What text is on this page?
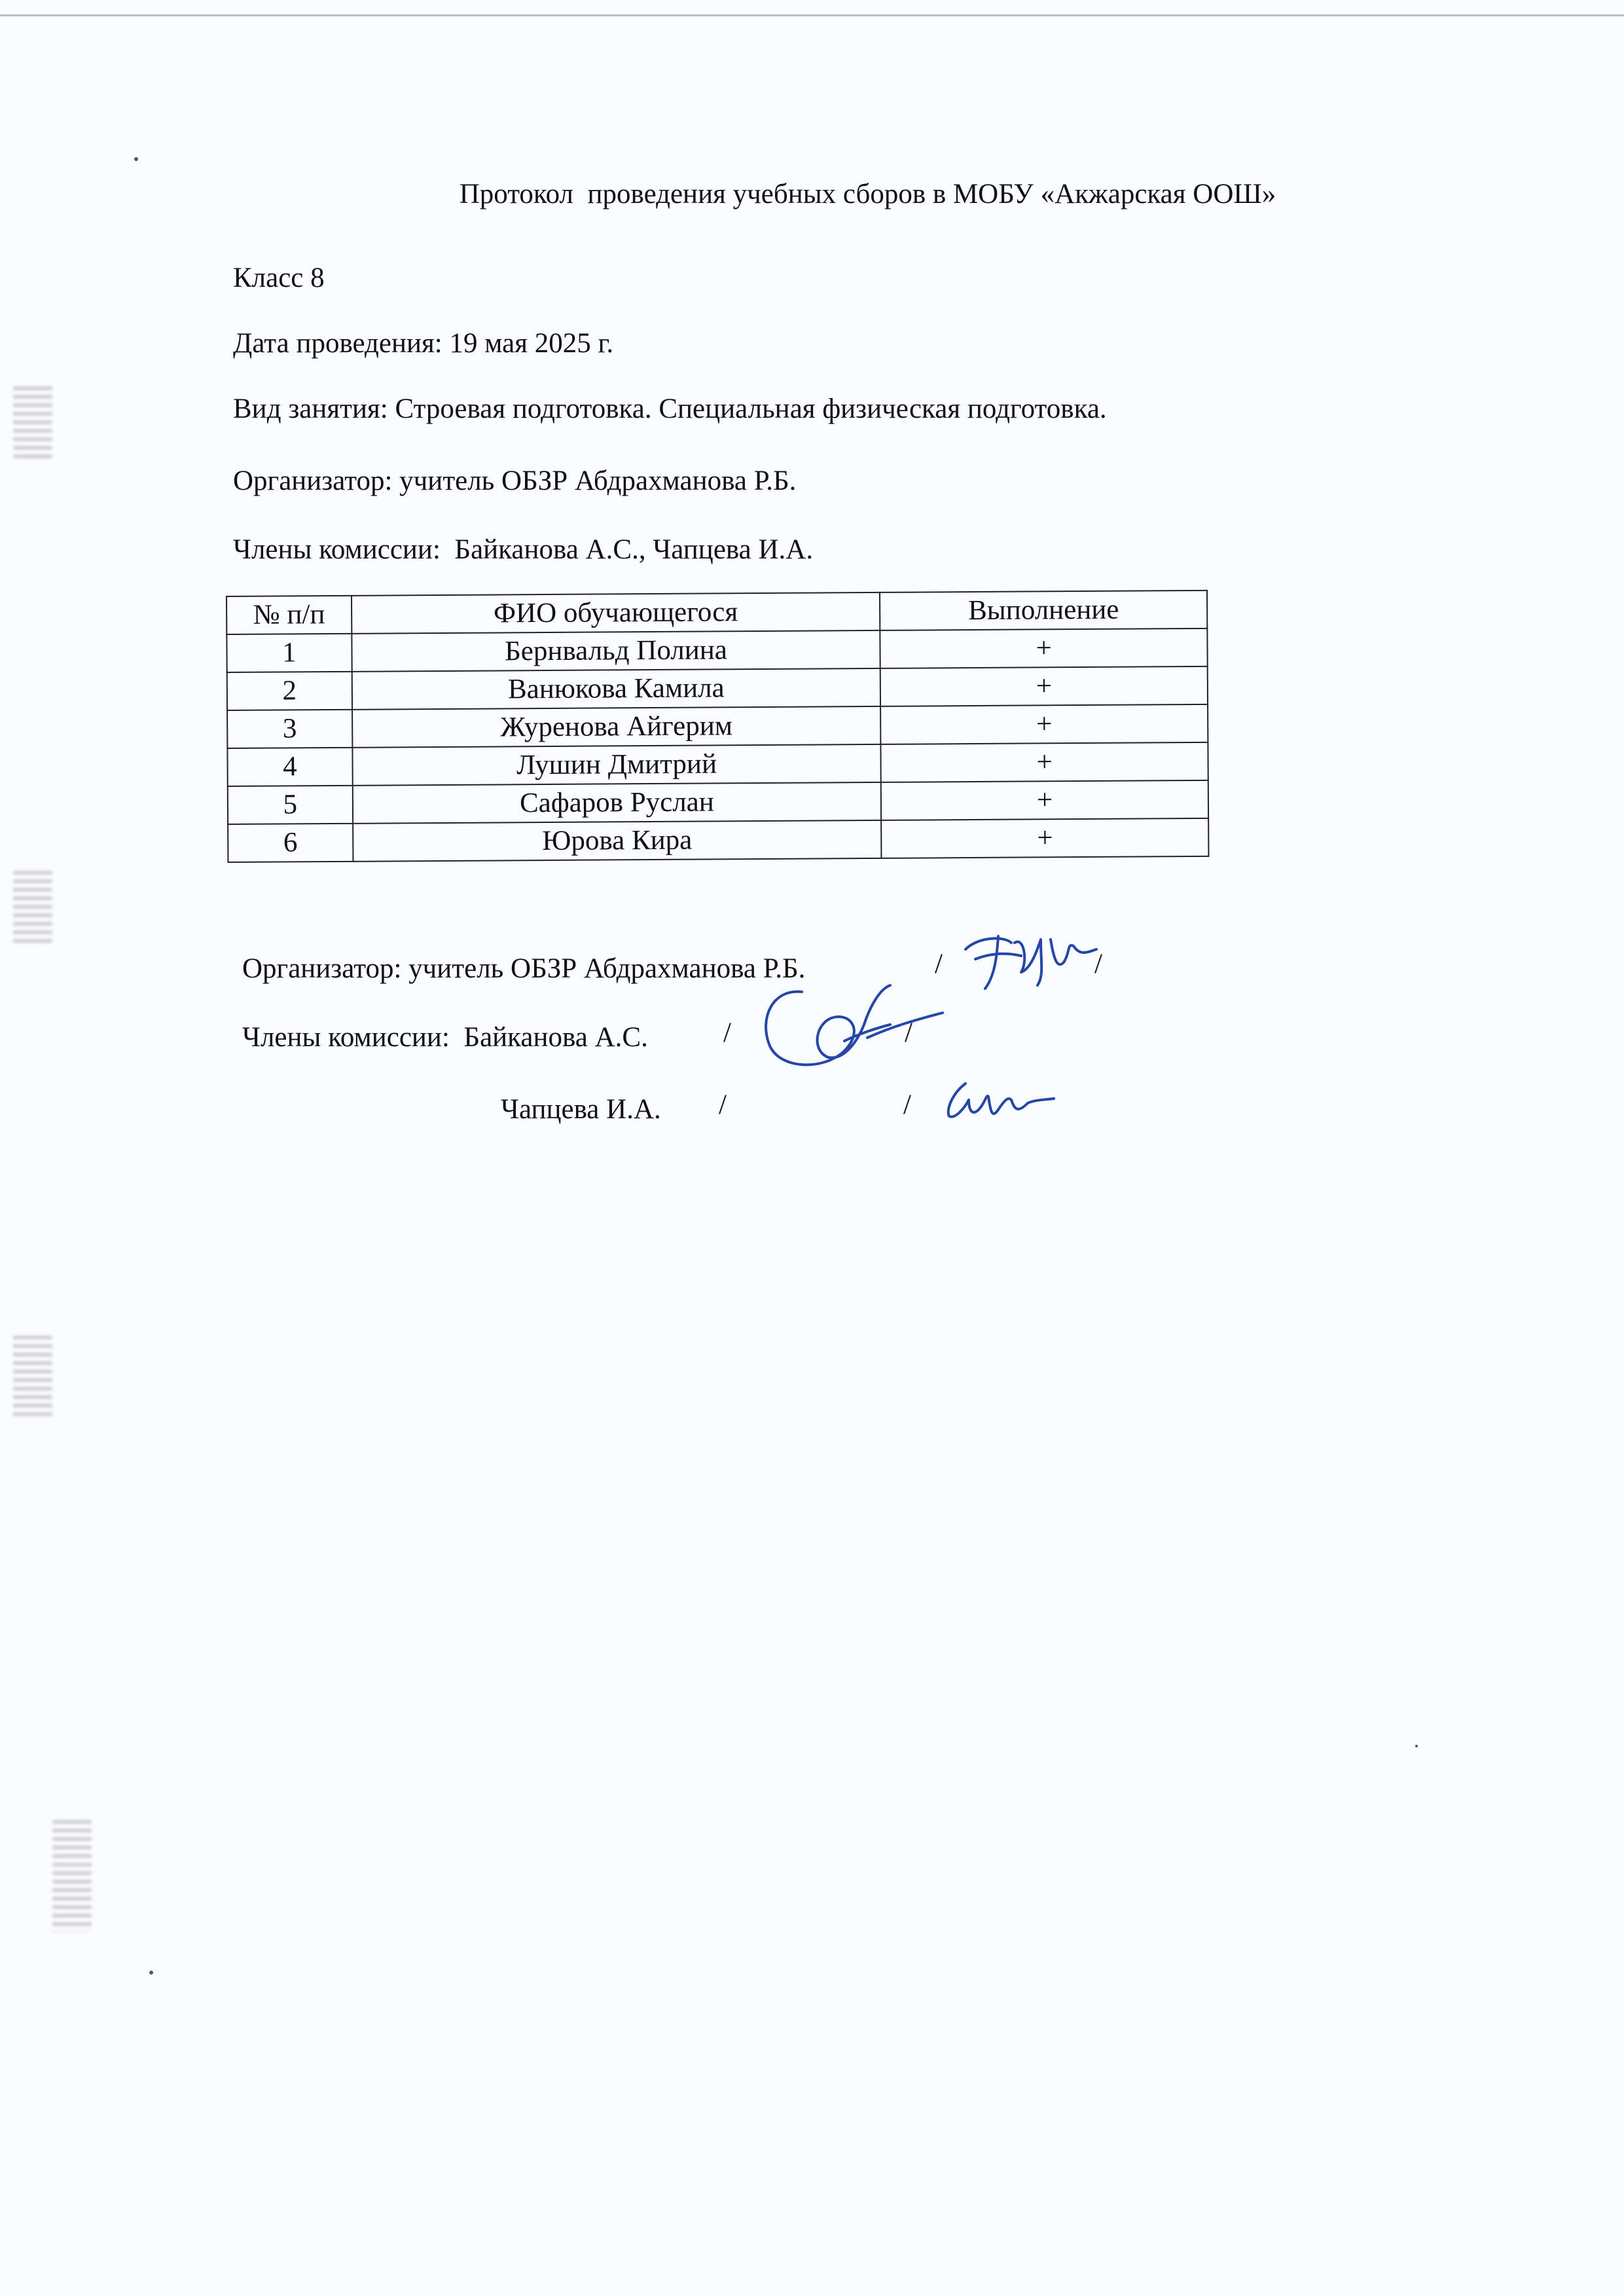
Протокол  проведения учебных сборов в МОБУ «Акжарская ООШ»
Класс 8
Дата проведения: 19 мая 2025 г.
Вид занятия: Строевая подготовка. Специальная физическая подготовка.
Организатор: учитель ОБЗР Абдрахманова Р.Б.
Члены комиссии:  Байканова А.С., Чапцева И.А.
№ п/п	ФИО обучающегося	Выполнение
1	Бернвальд Полина	+
2	Ванюкова Камила	+
3	Журенова Айгерим	+
4	Лушин Дмитрий	+
5	Сафаров Руслан	+
6	Юрова Кира	+
Организатор: учитель ОБЗР Абдрахманова Р.Б.	/	/
Члены комиссии:  Байканова А.С.	/	/
Чапцева И.А. /	/
